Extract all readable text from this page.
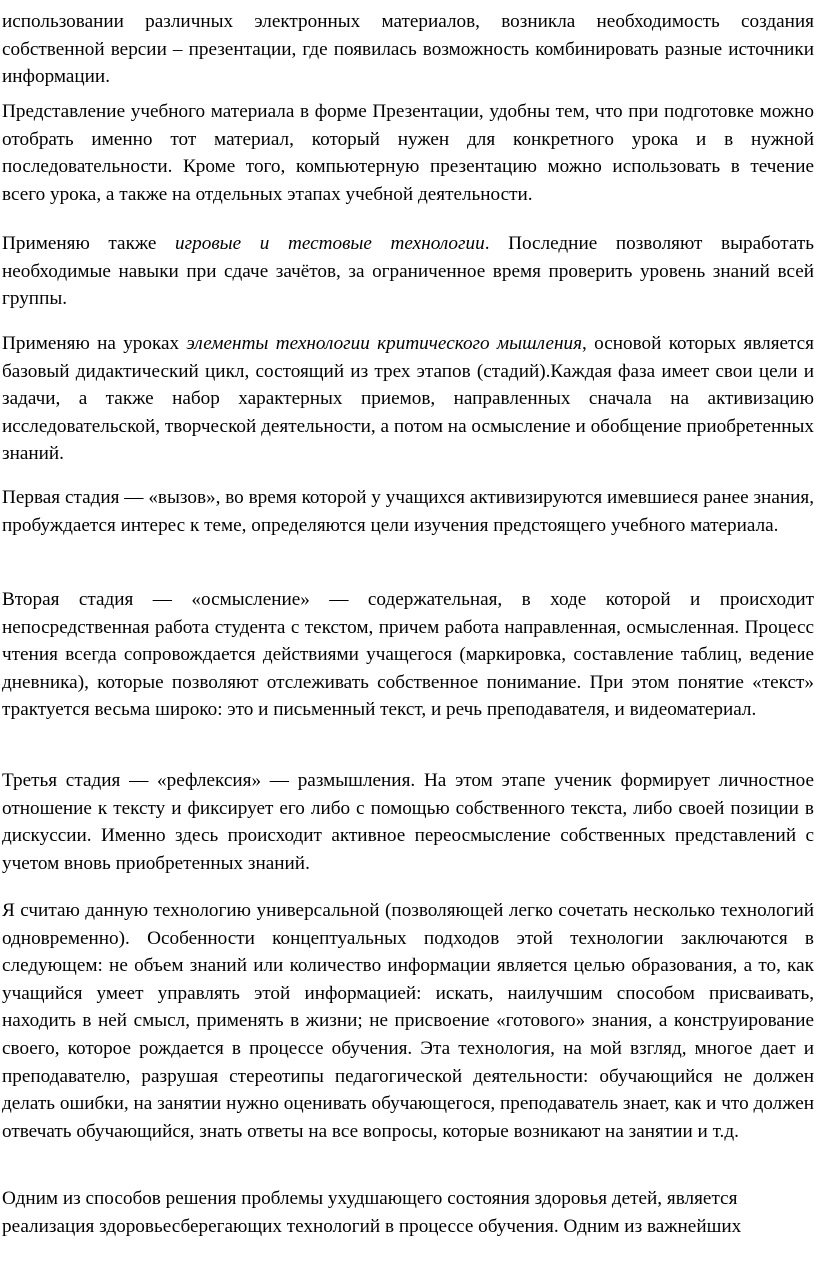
использовании различных электронных материалов, возникла необходимость создания собственной версии – презентации, где появилась возможность комбинировать разные источники информации.

Представление учебного материала в форме Презентации, удобны тем, что при подготовке можно отобрать именно тот материал, который нужен для конкретного урока и в нужной последовательности. Кроме того, компьютерную презентацию можно использовать в течение всего урока, а также на отдельных этапах учебной деятельности.

Применяю также игровые и тестовые технологии. Последние позволяют выработать необходимые навыки при сдаче зачётов, за ограниченное время проверить уровень знаний всей группы.

Применяю на уроках элементы технологии критического мышления, основой которых является базовый дидактический цикл, состоящий из трех этапов (стадий).Каждая фаза имеет свои цели и задачи, а также набор характерных приемов, направленных сначала на активизацию исследовательской, творческой деятельности, а потом на осмысление и обобщение приобретенных знаний.

Первая стадия — «вызов», во время которой у учащихся активизируются имевшиеся ранее знания, пробуждается интерес к теме, определяются цели изучения предстоящего учебного материала.

Вторая стадия — «осмысление» — содержательная, в ходе которой и происходит непосредственная работа студента с текстом, причем работа направленная, осмысленная. Процесс чтения всегда сопровождается действиями учащегося (маркировка, составление таблиц, ведение дневника), которые позволяют отслеживать собственное понимание. При этом понятие «текст» трактуется весьма широко: это и письменный текст, и речь преподавателя, и видеоматериал.

Третья стадия — «рефлексия» — размышления. На этом этапе ученик формирует личностное отношение к тексту и фиксирует его либо с помощью собственного текста, либо своей позиции в дискуссии. Именно здесь происходит активное переосмысление собственных представлений с учетом вновь приобретенных знаний.

Я считаю данную технологию универсальной (позволяющей легко сочетать несколько технологий одновременно). Особенности концептуальных подходов этой технологии заключаются в следующем: не объем знаний или количество информации является целью образования, а то, как учащийся умеет управлять этой информацией: искать, наилучшим способом присваивать, находить в ней смысл, применять в жизни; не присвоение «готового» знания, а конструирование своего, которое рождается в процессе обучения. Эта технология, на мой взгляд, многое дает и преподавателю, разрушая стереотипы педагогической деятельности: обучающийся не должен делать ошибки, на занятии нужно оценивать обучающегося, преподаватель знает, как и что должен отвечать обучающийся, знать ответы на все вопросы, которые возникают на занятии и т.д.

Одним из способов решения проблемы ухудшающего состояния здоровья детей, является реализация здоровьесберегающих технологий в процессе обучения. Одним из важнейших
